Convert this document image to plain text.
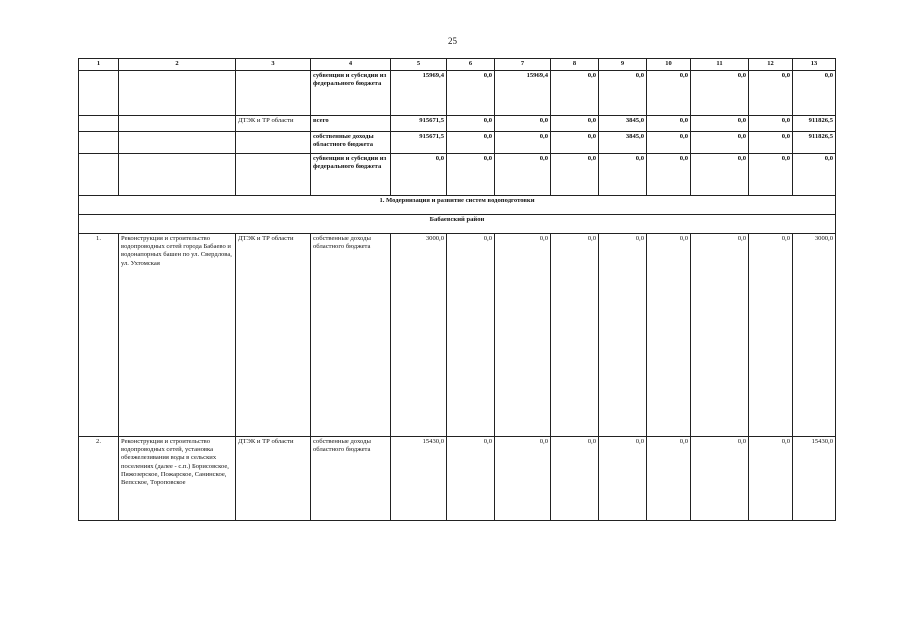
25
1	2	3	4	5	6	7	8	9	10	11	12	13
			субвенции и субсидии из федерального бюджета	15969,4	0,0	15969,4	0,0	0,0	0,0	0,0	0,0	0,0
		ДТЭК и ТР области	всего	915671,5	0,0	0,0	0,0	3845,0	0,0	0,0	0,0	911826,5
			собственные доходы областного бюджета	915671,5	0,0	0,0	0,0	3845,0	0,0	0,0	0,0	911826,5
			субвенции и субсидии из федерального бюджета	0,0	0,0	0,0	0,0	0,0	0,0	0,0	0,0	0,0
1. Модернизация и развитие систем водоподготовки												
Бабаевский район												
1.	Реконструкция и строительство водопроводных сетей города Бабаево и водонапорных башен по ул. Свердлова, ул. Ухтомская	ДТЭК и ТР области	собственные доходы областного бюджета	3000,0	0,0	0,0	0,0	0,0	0,0	0,0	0,0	3000,0
2.	Реконструкция и строительство водопроводных сетей, установка обезжелезивания воды в сельских поселениях (далее - с.п.) Борисовское, Пяжозерское, Пожарское, Санинское, Вепсское, Тороповское	ДТЭК и ТР области	собственные доходы областного бюджета	15430,0	0,0	0,0	0,0	0,0	0,0	0,0	0,0	15430,0
